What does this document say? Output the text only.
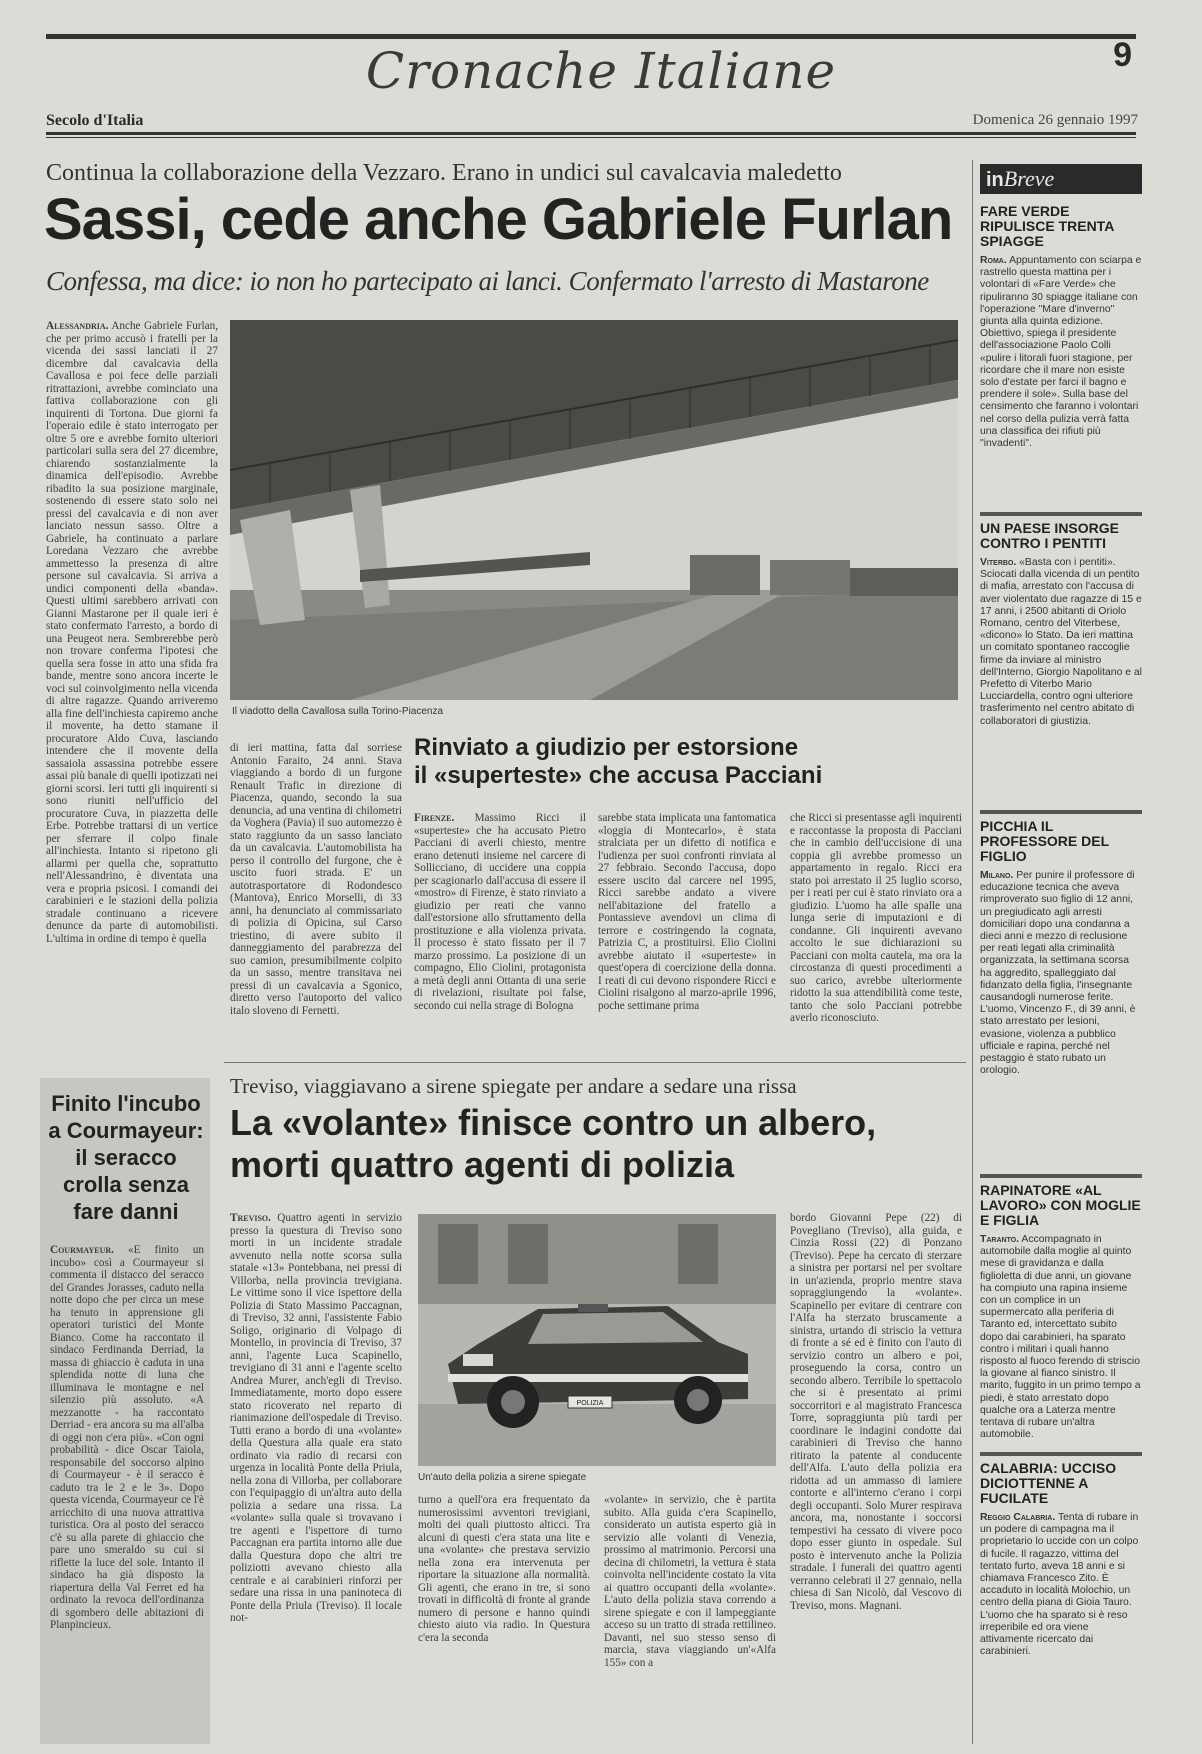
Cronache Italiane	9
Secolo d'Italia	Domenica 26 gennaio 1997
Continua la collaborazione della Vezzaro. Erano in undici sul cavalcavia maledetto
Sassi, cede anche Gabriele Furlan
Confessa, ma dice: io non ho partecipato ai lanci. Confermato l'arresto di Mastarone
Alessandria. Anche Gabriele Furlan, che per primo accusò i fratelli per la vicenda dei sassi lanciati il 27 dicembre dal cavalcavia della Cavallosa e poi fece delle parziali ritrattazioni, avrebbe cominciato una fattiva collaborazione con gli inquirenti di Tortona. Due giorni fa l'operaio edile è stato interrogato per oltre 5 ore e avrebbe fornito ulteriori particolari sulla sera del 27 dicembre, chiarendo sostanzialmente la dinamica dell'episodio. Avrebbe ribadito la sua posizione marginale, sostenendo di essere stato solo nei pressi del cavalcavia e di non aver lanciato nessun sasso. Oltre a Gabriele, ha continuato a parlare Loredana Vezzaro che avrebbe ammettesso la presenza di altre persone sul cavalcavia. Si arriva a undici componenti della «banda». Questi ultimi sarebbero arrivati con Gianni Mastarone per il quale ieri è stato confermato l'arresto, a bordo di una Peugeot nera. Sembrerebbe però non trovare conferma l'ipotesi che quella sera fosse in atto una sfida fra bande, mentre sono ancora incerte le voci sul coinvolgimento nella vicenda di altre ragazze. Quando arriveremo alla fine dell'inchiesta capiremo anche il movente, ha detto stamane il procuratore Aldo Cuva, lasciando intendere che il movente della sassaiola assassina potrebbe essere assai più banale di quelli ipotizzati nei giorni scorsi. Ieri tutti gli inquirenti si sono riuniti nell'ufficio del procuratore Cuva, in piazzetta delle Erbe. Potrebbe trattarsi di un vertice per sferrare il colpo finale all'inchiesta. Intanto si ripetono gli allarmi per quella che, soprattutto nell'Alessandrino, è diventata una vera e propria psicosi. I comandi dei carabinieri e le stazioni della polizia stradale continuano a ricevere denunce da parte di automobilisti. L'ultima in ordine di tempo è quella
Il viadotto della Cavallosa sulla Torino-Piacenza
di ieri mattina, fatta dal sorriese Antonio Faraito, 24 anni. Stava viaggiando a bordo di un furgone Renault Trafic in direzione di Piacenza, quando, secondo la sua denuncia, ad una ventina di chilometri da Voghera (Pavia) il suo automezzo è stato raggiunto da un sasso lanciato da un cavalcavia. L'automobilista ha perso il controllo del furgone, che è uscito fuori strada. E' un autotrasportatore di Rodondesco (Mantova), Enrico Morselli, di 33 anni, ha denunciato al commissariato di polizia di Opicina, sul Carso triestino, di avere subito il danneggiamento del parabrezza del suo camion, presumibilmente colpito da un sasso, mentre transitava nei pressi di un cavalcavia a Sgonico, diretto verso l'autoporto del valico italo sloveno di Fernetti.
Rinviato a giudizio per estorsione
il «superteste» che accusa Pacciani
Firenze. Massimo Ricci il «superteste» che ha accusato Pietro Pacciani di averli chiesto, mentre erano detenuti insieme nel carcere di Sollicciano, di uccidere una coppia per scagionarlo dall'accusa di essere il «mostro» di Firenze, è stato rinviato a giudizio per reati che vanno dall'estorsione allo sfruttamento della prostituzione e alla violenza privata. Il processo è stato fissato per il 7 marzo prossimo. La posizione di un compagno, Elio Ciolini, protagonista a metà degli anni Ottanta di una serie di rivelazioni, risultate poi false, secondo cui nella strage di Bologna
sarebbe stata implicata una fantomatica «loggia di Montecarlo», è stata stralciata per un difetto di notifica e l'udienza per suoi confronti rinviata al 27 febbraio. Secondo l'accusa, dopo essere uscito dal carcere nel 1995, Ricci sarebbe andato a vivere nell'abitazione del fratello a Pontassieve avendovi un clima di terrore e costringendo la cognata, Patrizia C, a prostituirsi. Elio Ciolini avrebbe aiutato il «superteste» in quest'opera di coercizione della donna. I reati di cui devono rispondere Ricci e Ciolini risalgono al marzo-aprile 1996, poche settimane prima
che Ricci si presentasse agli inquirenti e raccontasse la proposta di Pacciani che in cambio dell'uccisione di una coppia gli avrebbe promesso un appartamento in regalo. Ricci era stato poi arrestato il 25 luglio scorso, per i reati per cui è stato rinviato ora a giudizio. L'uomo ha alle spalle una lunga serie di imputazioni e di condanne. Gli inquirenti avevano accolto le sue dichiarazioni su Pacciani con molta cautela, ma ora la circostanza di questi procedimenti a suo carico, avrebbe ulteriormente ridotto la sua attendibilità come teste, tanto che solo Pacciani potrebbe averlo riconosciuto.
Finito l'incubo a Courmayeur: il seracco crolla senza fare danni
Courmayeur. «E finito un incubo» così a Courmayeur si commenta il distacco del seracco del Grandes Jorasses, caduto nella notte dopo che per circa un mese ha tenuto in apprensione gli operatori turistici del Monte Bianco. Come ha raccontato il sindaco Ferdinanda Derriad, la massa di ghiaccio è caduta in una splendida notte di luna che illuminava le montagne e nel silenzio più assoluto. «A mezzanotte - ha raccontato Derriad - era ancora su ma all'alba di oggi non c'era più». «Con ogni probabilità - dice Oscar Taiola, responsabile del soccorso alpino di Courmayeur - è il seracco è caduto tra le 2 e le 3». Dopo questa vicenda, Courmayeur ce l'è arricchito di una nuova attrattiva turistica. Ora al posto del seracco c'è su alla parete di ghiaccio che pare uno smeraldo su cui si riflette la luce del sole. Intanto il sindaco ha già disposto la riapertura della Val Ferret ed ha ordinato la revoca dell'ordinanza di sgombero delle abitazioni di Planpincieux.
Treviso, viaggiavano a sirene spiegate per andare a sedare una rissa
La «volante» finisce contro un albero,
morti quattro agenti di polizia
Treviso. Quattro agenti in servizio presso la questura di Treviso sono morti in un incidente stradale avvenuto nella notte scorsa sulla statale «13» Pontebbana, nei pressi di Villorba, nella provincia trevigiana. Le vittime sono il vice ispettore della Polizia di Stato Massimo Paccagnan, di Treviso, 32 anni, l'assistente Fabio Soligo, originario di Volpago di Montello, in provincia di Treviso, 37 anni, l'agente Luca Scapinello, trevigiano di 31 anni e l'agente scelto Andrea Murer, anch'egli di Treviso. Immediatamente, morto dopo essere stato ricoverato nel reparto di rianimazione dell'ospedale di Treviso. Tutti erano a bordo di una «volante» della Questura alla quale era stato ordinato via radio di recarsi con urgenza in località Ponte della Priula, nella zona di Villorba, per collaborare con l'equipaggio di un'altra auto della polizia a sedare una rissa. La «volante» sulla quale si trovavano i tre agenti e l'ispettore di turno Paccagnan era partita intorno alle due dalla Questura dopo che altri tre poliziotti avevano chiesto alla centrale e ai carabinieri rinforzi per sedare una rissa in una paninoteca di Ponte della Priula (Treviso). Il locale not-
POLIZIA
Un'auto della polizia a sirene spiegate
turno a quell'ora era frequentato da numerosissimi avventori trevigiani, molti dei quali piuttosto alticci. Tra alcuni di questi c'era stata una lite e una «volante» che prestava servizio nella zona era intervenuta per riportare la situazione alla normalità. Gli agenti, che erano in tre, si sono trovati in difficoltà di fronte al grande numero di persone e hanno quindi chiesto aiuto via radio. In Questura c'era la seconda
«volante» in servizio, che è partita subito. Alla guida c'era Scapinello, considerato un autista esperto già in servizio alle volanti di Venezia, prossimo al matrimonio. Percorsi una decina di chilometri, la vettura è stata coinvolta nell'incidente costato la vita ai quattro occupanti della «volante». L'auto della polizia stava correndo a sirene spiegate e con il lampeggiante acceso su un tratto di strada rettilineo. Davanti, nel suo stesso senso di marcia, stava viaggiando un'«Alfa 155» con a
bordo Giovanni Pepe (22) di Povegliano (Treviso), alla guida, e Cinzia Rossi (22) di Ponzano (Treviso). Pepe ha cercato di sterzare a sinistra per portarsi nel per svoltare in un'azienda, proprio mentre stava sopraggiungendo la «volante». Scapinello per evitare di centrare con l'Alfa ha sterzato bruscamente a sinistra, urtando di striscio la vettura di fronte a sé ed è finito con l'auto di servizio contro un albero e poi, proseguendo la corsa, contro un secondo albero. Terribile lo spettacolo che si è presentato ai primi soccorritori e al magistrato Francesca Torre, sopraggiunta più tardi per coordinare le indagini condotte dai carabinieri di Treviso che hanno ritirato la patente al conducente dell'Alfa. L'auto della polizia era ridotta ad un ammasso di lamiere contorte e all'interno c'erano i corpi degli occupanti. Solo Murer respirava ancora, ma, nonostante i soccorsi tempestivi ha cessato di vivere poco dopo esser giunto in ospedale. Sul posto è intervenuto anche la Polizia stradale. I funerali dei quattro agenti verranno celebrati il 27 gennaio, nella chiesa di San Nicolò, dal Vescovo di Treviso, mons. Magnani.
inBreve
FARE VERDE RIPULISCE TRENTA SPIAGGE
Roma. Appuntamento con sciarpa e rastrello questa mattina per i volontari di «Fare Verde» che ripuliranno 30 spiagge italiane con l'operazione "Mare d'inverno" giunta alla quinta edizione. Obiettivo, spiega il presidente dell'associazione Paolo Colli «pulire i litorali fuori stagione, per ricordare che il mare non esiste solo d'estate per farci il bagno e prendere il sole». Sulla base del censimento che faranno i volontari nel corso della pulizia verrà fatta una classifica dei rifiuti più "invadenti".
UN PAESE INSORGE CONTRO I PENTITI
Viterbo. «Basta con i pentiti». Sciocati dalla vicenda di un pentito di mafia, arrestato con l'accusa di aver violentato due ragazze di 15 e 17 anni, i 2500 abitanti di Oriolo Romano, centro del Viterbese, «dicono» lo Stato. Da ieri mattina un comitato spontaneo raccoglie firme da inviare al ministro dell'Interno, Giorgio Napolitano e al Prefetto di Viterbo Mario Lucciardella, contro ogni ulteriore trasferimento nel centro abitato di collaboratori di giustizia.
PICCHIA IL PROFESSORE DEL FIGLIO
Milano. Per punire il professore di educazione tecnica che aveva rimproverato suo figlio di 12 anni, un pregiudicato agli arresti domiciliari dopo una condanna a dieci anni e mezzo di reclusione per reati legati alla criminalità organizzata, la settimana scorsa ha aggredito, spalleggiato dal fidanzato della figlia, l'insegnante causandogli numerose ferite. L'uomo, Vincenzo F., di 39 anni, è stato arrestato per lesioni, evasione, violenza a pubblico ufficiale e rapina, perché nel pestaggio è stato rubato un orologio.
RAPINATORE «AL LAVORO» CON MOGLIE E FIGLIA
Taranto. Accompagnato in automobile dalla moglie al quinto mese di gravidanza e dalla figlioletta di due anni, un giovane ha compiuto una rapina insieme con un complice in un supermercato alla periferia di Taranto ed, intercettato subito dopo dai carabinieri, ha sparato contro i militari i quali hanno risposto al fuoco ferendo di striscio la giovane al fianco sinistro. Il marito, fuggito in un primo tempo a piedi, è stato arrestato dopo qualche ora a Laterza mentre tentava di rubare un'altra automobile.
CALABRIA: UCCISO DICIOTTENNE A FUCILATE
Reggio Calabria. Tenta di rubare in un podere di campagna ma il proprietario lo uccide con un colpo di fucile. Il ragazzo, vittima del tentato furto, aveva 18 anni e si chiamava Francesco Zito. È accaduto in località Molochio, un centro della piana di Gioia Tauro. L'uomo che ha sparato si è reso irreperibile ed ora viene attivamente ricercato dai carabinieri.
